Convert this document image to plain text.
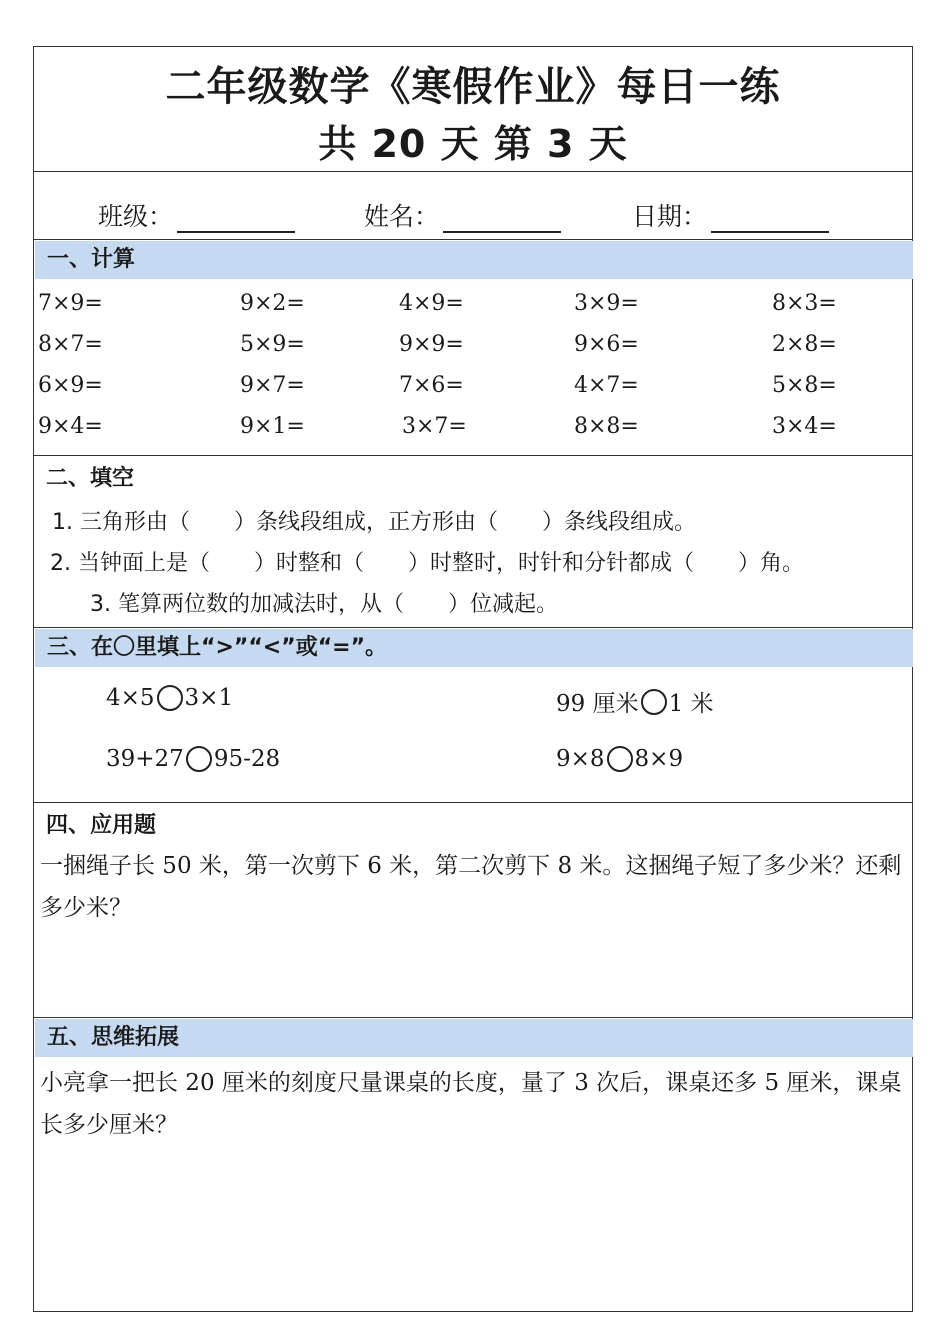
二年级数学《寒假作业》每日一练
共 20 天 第 3 天
班级：	姓名：	日期：
一、计算
7×9=	9×2=	4×9=	3×9=	8×3=
8×7=	5×9=	9×9=	9×6=	2×8=
6×9=	9×7=	7×6=	4×7=	5×8=
9×4=	9×1=	3×7=	8×8=	3×4=
二、填空
1. 三角形由（　　）条线段组成，正方形由（　　）条线段组成。
2. 当钟面上是（　　）时整和（　　）时整时，时针和分针都成（　　）角。
3. 笔算两位数的加减法时，从（　　）位减起。
三、在〇里填上“>”“<”或“=”。
4×5 3×1	99 厘米 1 米
39+27 95-28	9×8 8×9
四、应用题
一捆绳子长 50 米，第一次剪下 6 米，第二次剪下 8 米。这捆绳子短了多少米？还剩多少米？
五、思维拓展
小亮拿一把长 20 厘米的刻度尺量课桌的长度，量了 3 次后，课桌还多 5 厘米，课桌长多少厘米？
